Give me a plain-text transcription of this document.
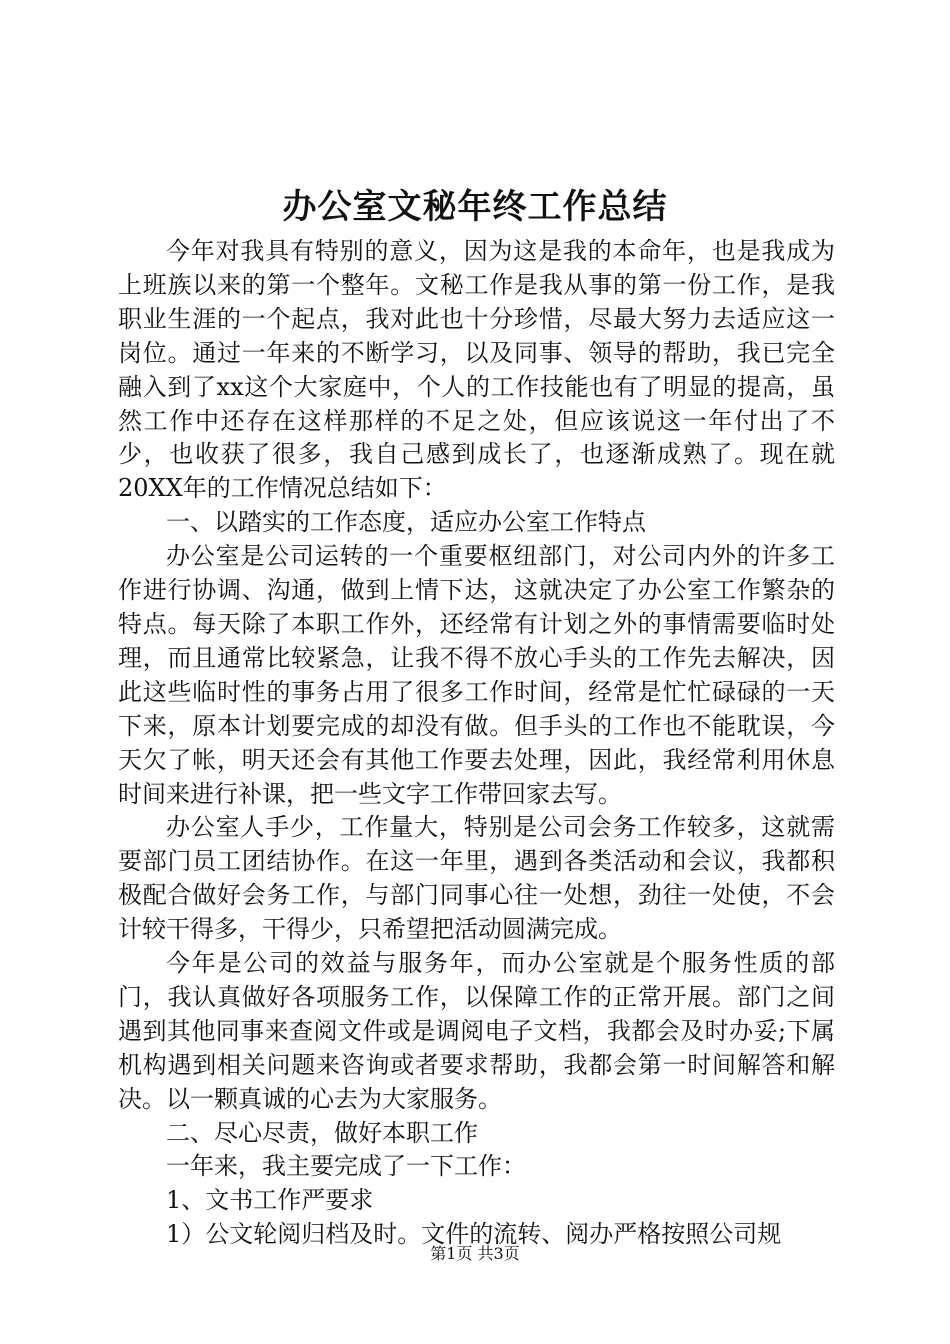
办公室文秘年终工作总结

今年对我具有特别的意义，因为这是我的本命年，也是我成为上班族以来的第一个整年。文秘工作是我从事的第一份工作，是我职业生涯的一个起点，我对此也十分珍惜，尽最大努力去适应这一岗位。通过一年来的不断学习，以及同事、领导的帮助，我已完全融入到了xx这个大家庭中，个人的工作技能也有了明显的提高，虽然工作中还存在这样那样的不足之处，但应该说这一年付出了不少，也收获了很多，我自己感到成长了，也逐渐成熟了。现在就20XX年的工作情况总结如下：

一、以踏实的工作态度，适应办公室工作特点

办公室是公司运转的一个重要枢纽部门，对公司内外的许多工作进行协调、沟通，做到上情下达，这就决定了办公室工作繁杂的特点。每天除了本职工作外，还经常有计划之外的事情需要临时处理，而且通常比较紧急，让我不得不放心手头的工作先去解决，因此这些临时性的事务占用了很多工作时间，经常是忙忙碌碌的一天下来，原本计划要完成的却没有做。但手头的工作也不能耽误，今天欠了帐，明天还会有其他工作要去处理，因此，我经常利用休息时间来进行补课，把一些文字工作带回家去写。

办公室人手少，工作量大，特别是公司会务工作较多，这就需要部门员工团结协作。在这一年里，遇到各类活动和会议，我都积极配合做好会务工作，与部门同事心往一处想，劲往一处使，不会计较干得多，干得少，只希望把活动圆满完成。

今年是公司的效益与服务年，而办公室就是个服务性质的部门，我认真做好各项服务工作，以保障工作的正常开展。部门之间遇到其他同事来查阅文件或是调阅电子文档，我都会及时办妥;下属机构遇到相关问题来咨询或者要求帮助，我都会第一时间解答和解决。以一颗真诚的心去为大家服务。

二、尽心尽责，做好本职工作

一年来，我主要完成了一下工作：

1、文书工作严要求

1）公文轮阅归档及时。文件的流转、阅办严格按照公司规

第1页 共3页
